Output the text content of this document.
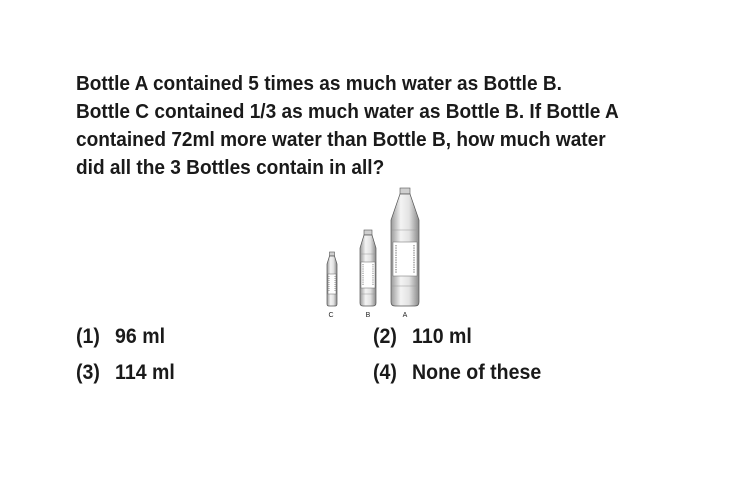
Bottle A contained 5 times as much water as Bottle B.
Bottle C contained 1/3 as much water as Bottle B. If Bottle A
contained 72ml more water than Bottle B, how much water
did all the 3 Bottles contain in all?
C	B	A
(1) 96 ml	(2) 110 ml
(3) 114 ml	(4) None of these
